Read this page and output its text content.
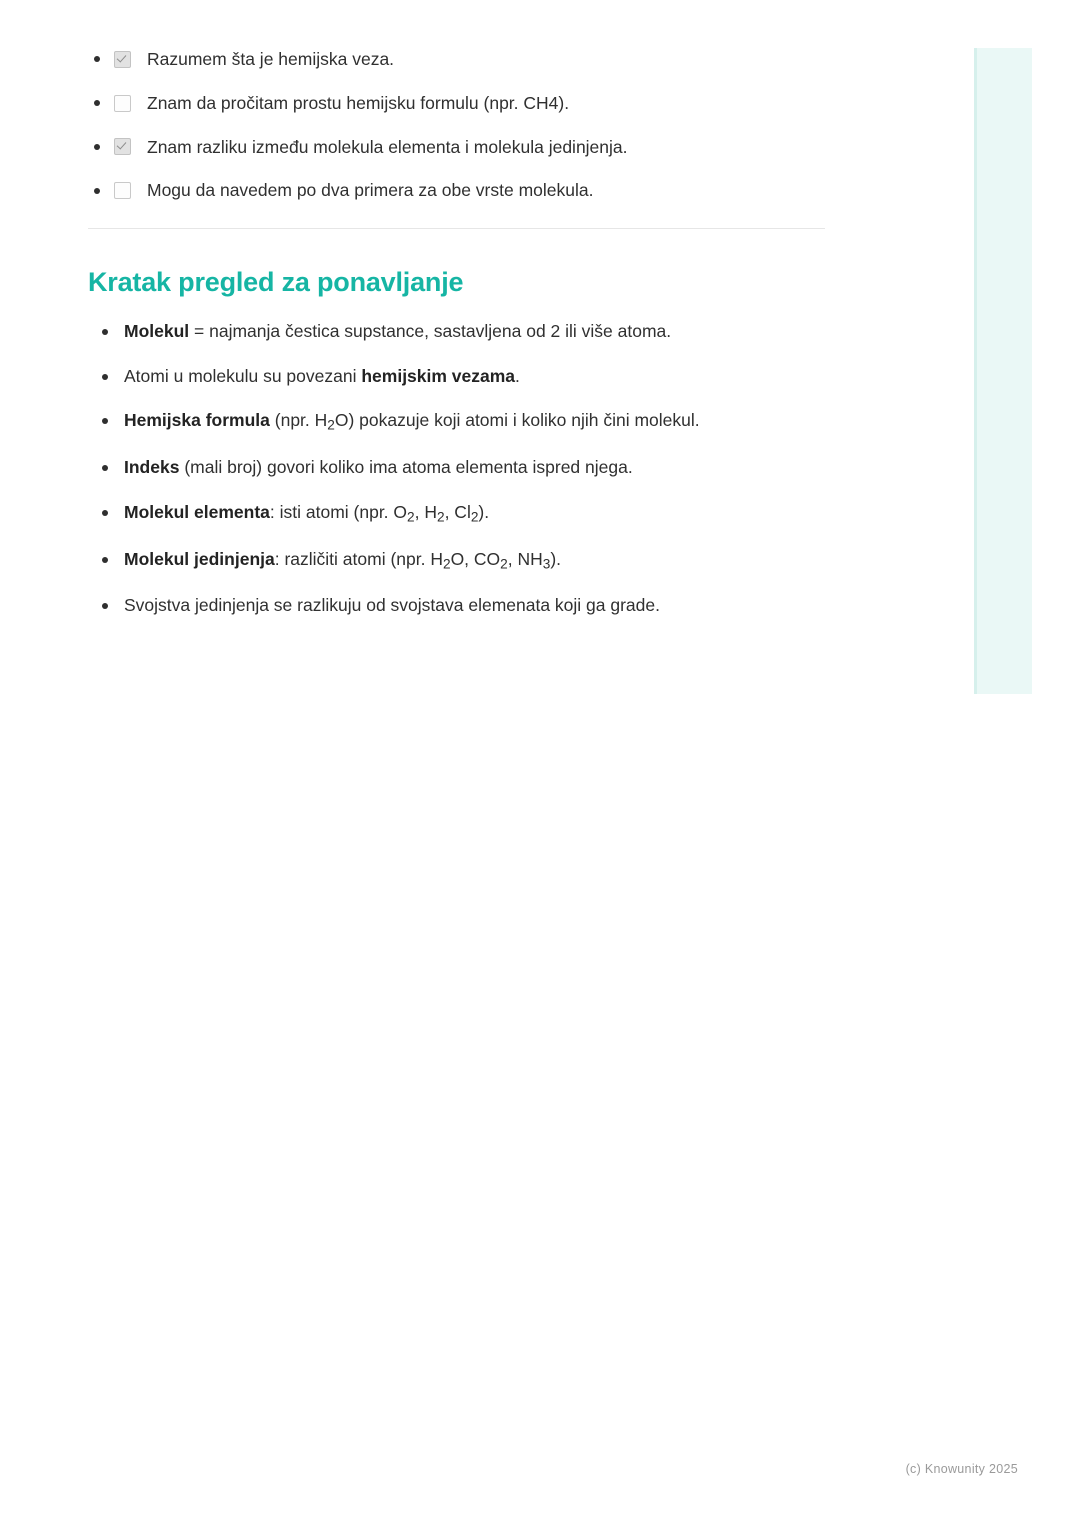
Razumem šta je hemijska veza.
Znam da pročitam prostu hemijsku formulu (npr. CH4).
Znam razliku između molekula elementa i molekula jedinjenja.
Mogu da navedem po dva primera za obe vrste molekula.
Kratak pregled za ponavljanje
Molekul = najmanja čestica supstance, sastavljena od 2 ili više atoma.
Atomi u molekulu su povezani hemijskim vezama.
Hemijska formula (npr. $H_2O$) pokazuje koji atomi i koliko njih čini molekul.
Indeks (mali broj) govori koliko ima atoma elementa ispred njega.
Molekul elementa: isti atomi (npr. $O_2$, $H_2$, $Cl_2$).
Molekul jedinjenja: različiti atomi (npr. $H_2O$, $CO_2$, $NH_3$).
Svojstva jedinjenja se razlikuju od svojstava elemenata koji ga grade.
(c) Knowunity 2025
